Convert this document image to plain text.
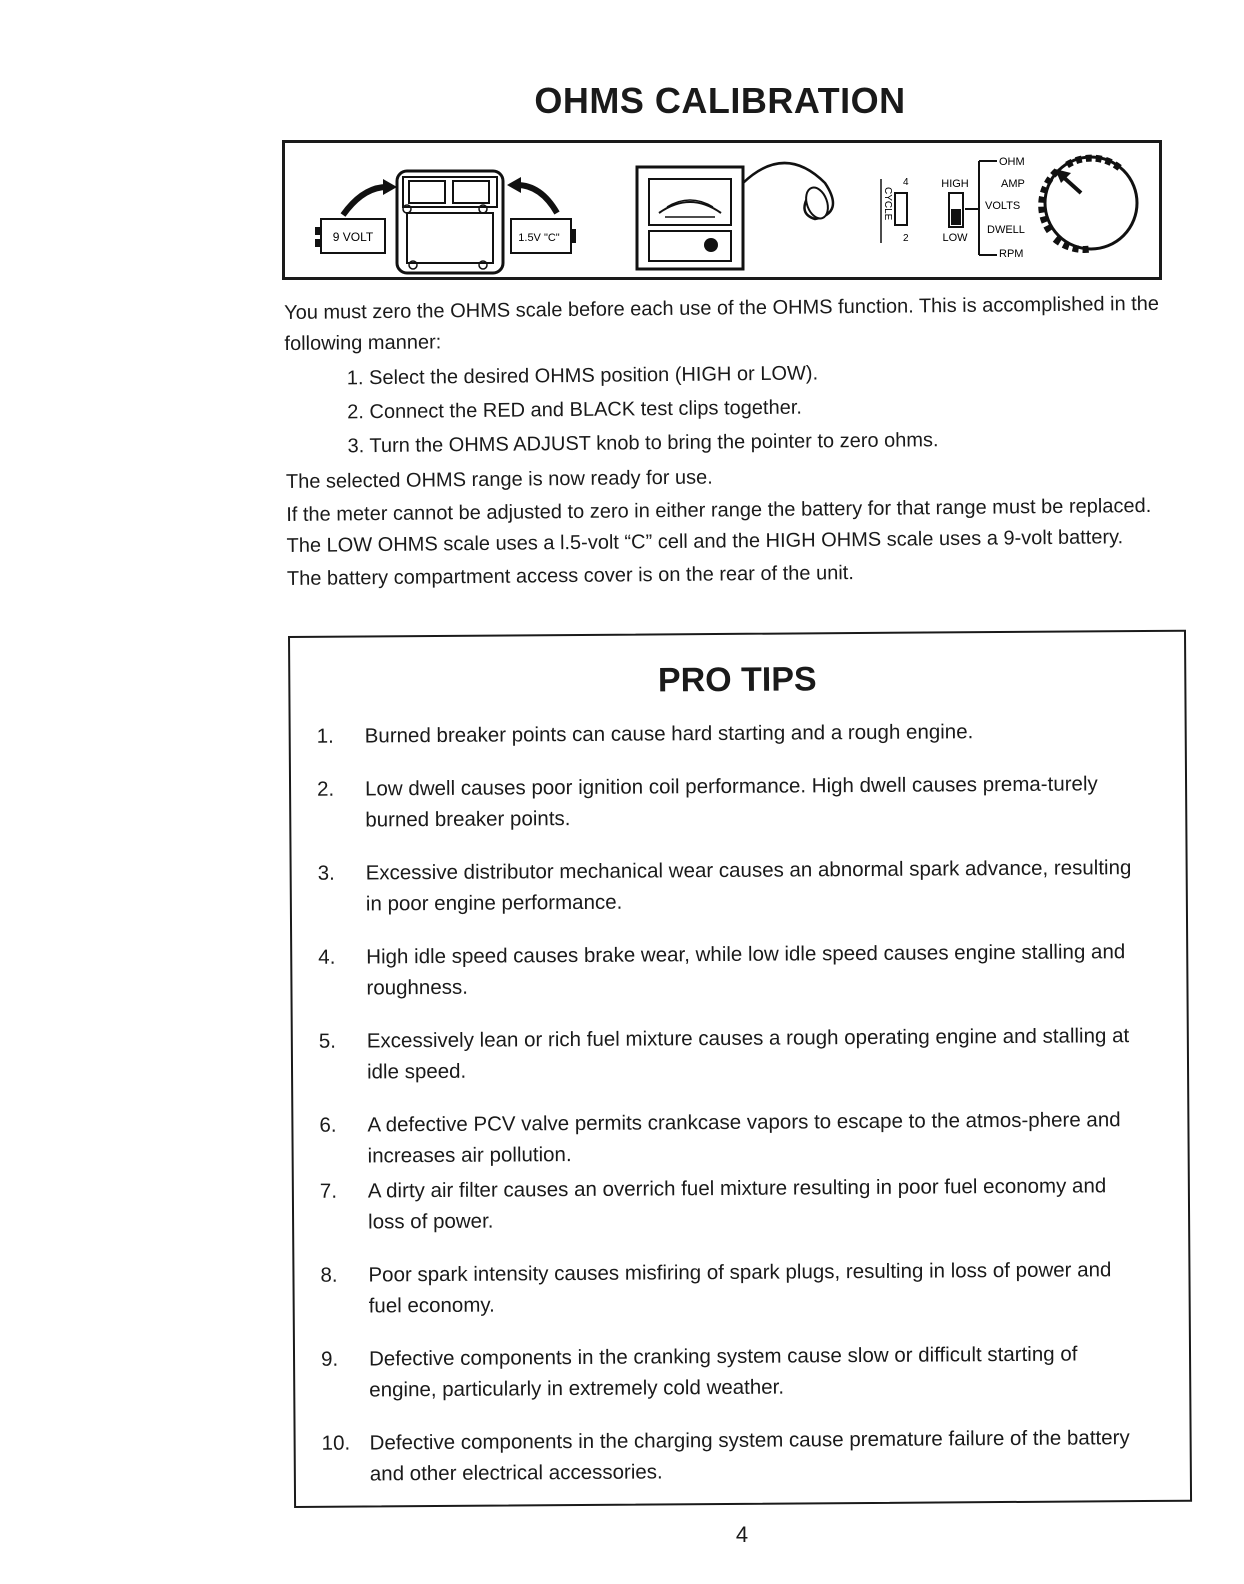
OHMS CALIBRATION
9 VOLT	1.5V "C"
CYCLE
4
2
HIGH
LOW
OHM
AMP
VOLTS
DWELL
RPM

You must zero the OHMS scale before each use of the OHMS function. This is accomplished in the following manner:

1. Select the desired OHMS position (HIGH or LOW).
2. Connect the RED and BLACK test clips together.
3. Turn the OHMS ADJUST knob to bring the pointer to zero ohms.

The selected OHMS range is now ready for use.

If the meter cannot be adjusted to zero in either range the battery for that range must be replaced. The LOW OHMS scale uses a l.5-volt “C” cell and the HIGH OHMS scale uses a 9-volt battery.

The battery compartment access cover is on the rear of the unit.

PRO TIPS
1.	Burned breaker points can cause hard starting and a rough engine.
2.	Low dwell causes poor ignition coil performance. High dwell causes prema-turely burned breaker points.
3.	Excessive distributor mechanical wear causes an abnormal spark advance, resulting in poor engine performance.
4.	High idle speed causes brake wear, while low idle speed causes engine stalling and roughness.
5.	Excessively lean or rich fuel mixture causes a rough operating engine and stalling at idle speed.
6.	A defective PCV valve permits crankcase vapors to escape to the atmos-phere and increases air pollution.
7.	A dirty air filter causes an overrich fuel mixture resulting in poor fuel economy and loss of power.
8.	Poor spark intensity causes misfiring of spark plugs, resulting in loss of power and fuel economy.
9.	Defective components in the cranking system cause slow or difficult starting of engine, particularly in extremely cold weather.
10. Defective components in the charging system cause premature failure of the battery and other electrical accessories.
4
